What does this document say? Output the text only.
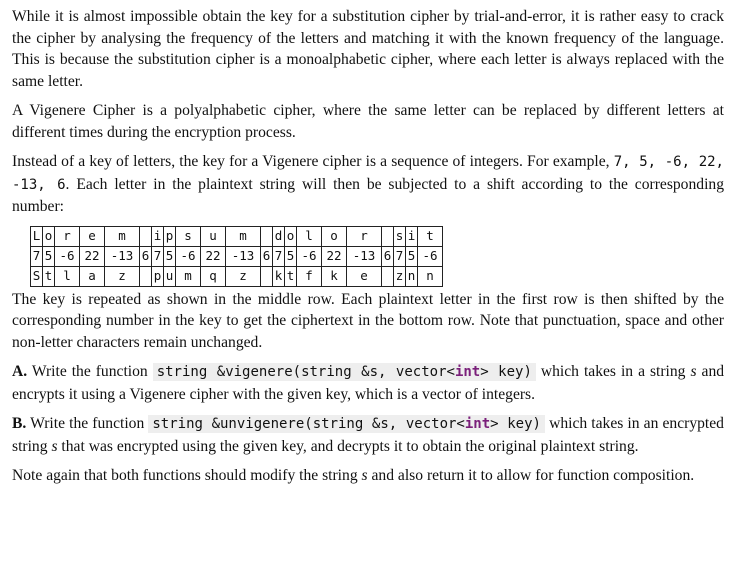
While it is almost impossible obtain the key for a substitution cipher by trial-and-error, it is rather easy to crack the cipher by analysing the frequency of the letters and matching it with the known frequency of the language. This is because the substitution cipher is a monoalphabetic cipher, where each letter is always replaced with the same letter.

A Vigenere Cipher is a polyalphabetic cipher, where the same letter can be replaced by different letters at different times during the encryption process.

Instead of a key of letters, the key for a Vigenere cipher is a sequence of integers. For example, 7, 5, -6, 22, -13, 6. Each letter in the plaintext string will then be subjected to a shift according to the corresponding number:

L	o	r	e	m		i	p	s	u	m		d	o	l	o	r		s	i	t
7	5	-6	22	-13	6	7	5	-6	22	-13	6	7	5	-6	22	-13	6	7	5	-6
S	t	l	a	z		p	u	m	q	z		k	t	f	k	e		z	n	n

The key is repeated as shown in the middle row. Each plaintext letter in the first row is then shifted by the corresponding number in the key to get the ciphertext in the bottom row. Note that punctuation, space and other non-letter characters remain unchanged.

A. Write the function string &vigenere(string &s, vector<int> key) which takes in a string s and encrypts it using a Vigenere cipher with the given key, which is a vector of integers.

B. Write the function string &unvigenere(string &s, vector<int> key) which takes in an encrypted string s that was encrypted using the given key, and decrypts it to obtain the original plaintext string.

Note again that both functions should modify the string s and also return it to allow for function composition.
